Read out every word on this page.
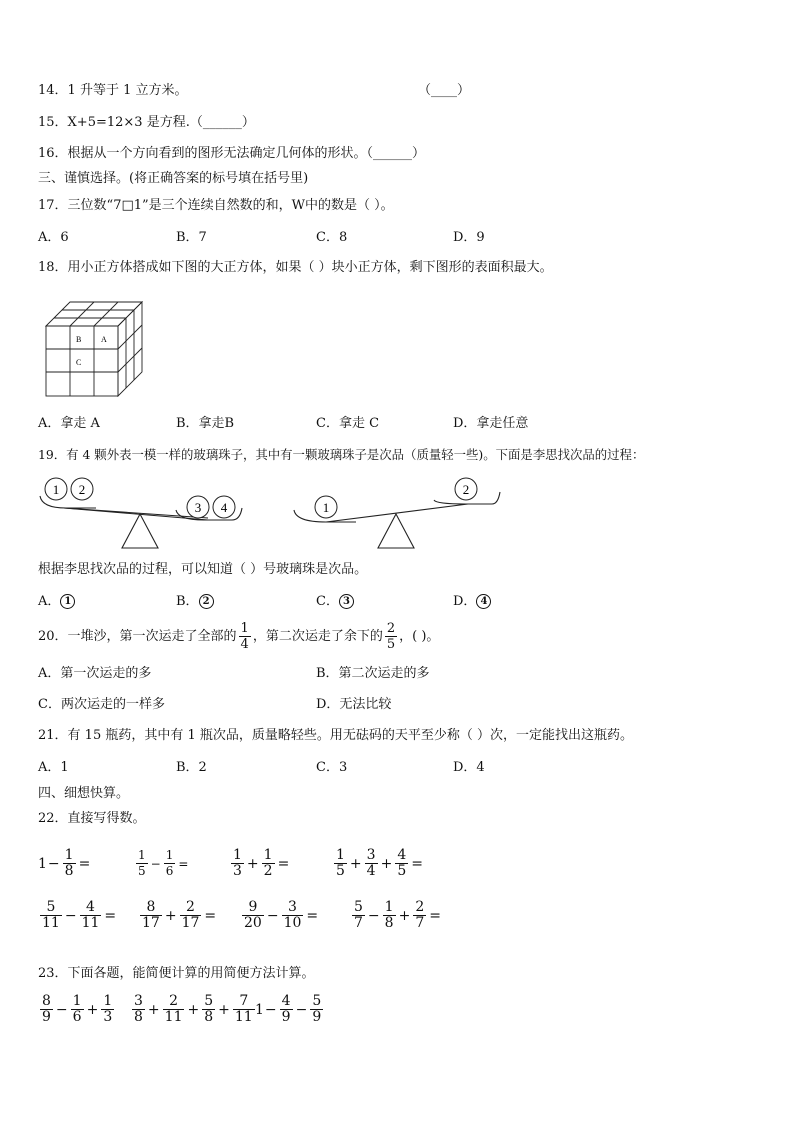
14．1 升等于 1 立方米。	（____）
15．X+5=12×3 是方程.（______）
16．根据从一个方向看到的图形无法确定几何体的形状。（______）
三、谨慎选择。(将正确答案的标号填在括号里)
17．三位数“7□1”是三个连续自然数的和，W中的数是（ ）。
A．6	B．7	C．8	D．9
18．用小正方体搭成如下图的大正方体，如果（ ）块小正方体，剩下图形的表面积最大。
B A
C
A．拿走 A	B．拿走B	C．拿走 C	D．拿走任意
19．有 4 颗外表一模一样的玻璃珠子，其中有一颗玻璃珠子是次品（质量轻一些)。下面是李思找次品的过程：
1 2
3 4	1
2
根据李思找次品的过程，可以知道（ ）号玻璃珠是次品。
A． 1	B． 2	C． 3	D． 4
20．一堆沙，第一次运走了全部的 $\frac{1}{4}$ ，第二次运走了余下的 $\frac{2}{5}$ ，( )。
A．第一次运走的多	B．第二次运走的多
C．两次运走的一样多	D．无法比较
21．有 15 瓶药，其中有 1 瓶次品，质量略轻些。用无砝码的天平至少称（ ）次，一定能找出这瓶药。
A．1	B．2	C．3	D．4
四、细想快算。
22．直接写得数。
$1 - \frac{1}{8}$ =	$\frac{1}{5} - \frac{1}{6}$ =	$\frac{1}{3} + \frac{1}{2}$ =	$\frac{1}{5} + \frac{3}{4} + \frac{4}{5}$ =
$\frac{5}{11} - \frac{4}{11} = \frac{8}{17} + \frac{2}{17} = \frac{9}{20} - \frac{3}{10} = \frac{5}{7} - \frac{1}{8} + \frac{2}{7}$ =
23．下面各题，能简便计算的用简便方法计算。
$\frac{8}{9} - \frac{1}{6} + \frac{1}{3} \frac{3}{8} + \frac{2}{11} + \frac{5}{8} + \frac{7}{11} 1 - \frac{4}{9} - \frac{5}{9}$
